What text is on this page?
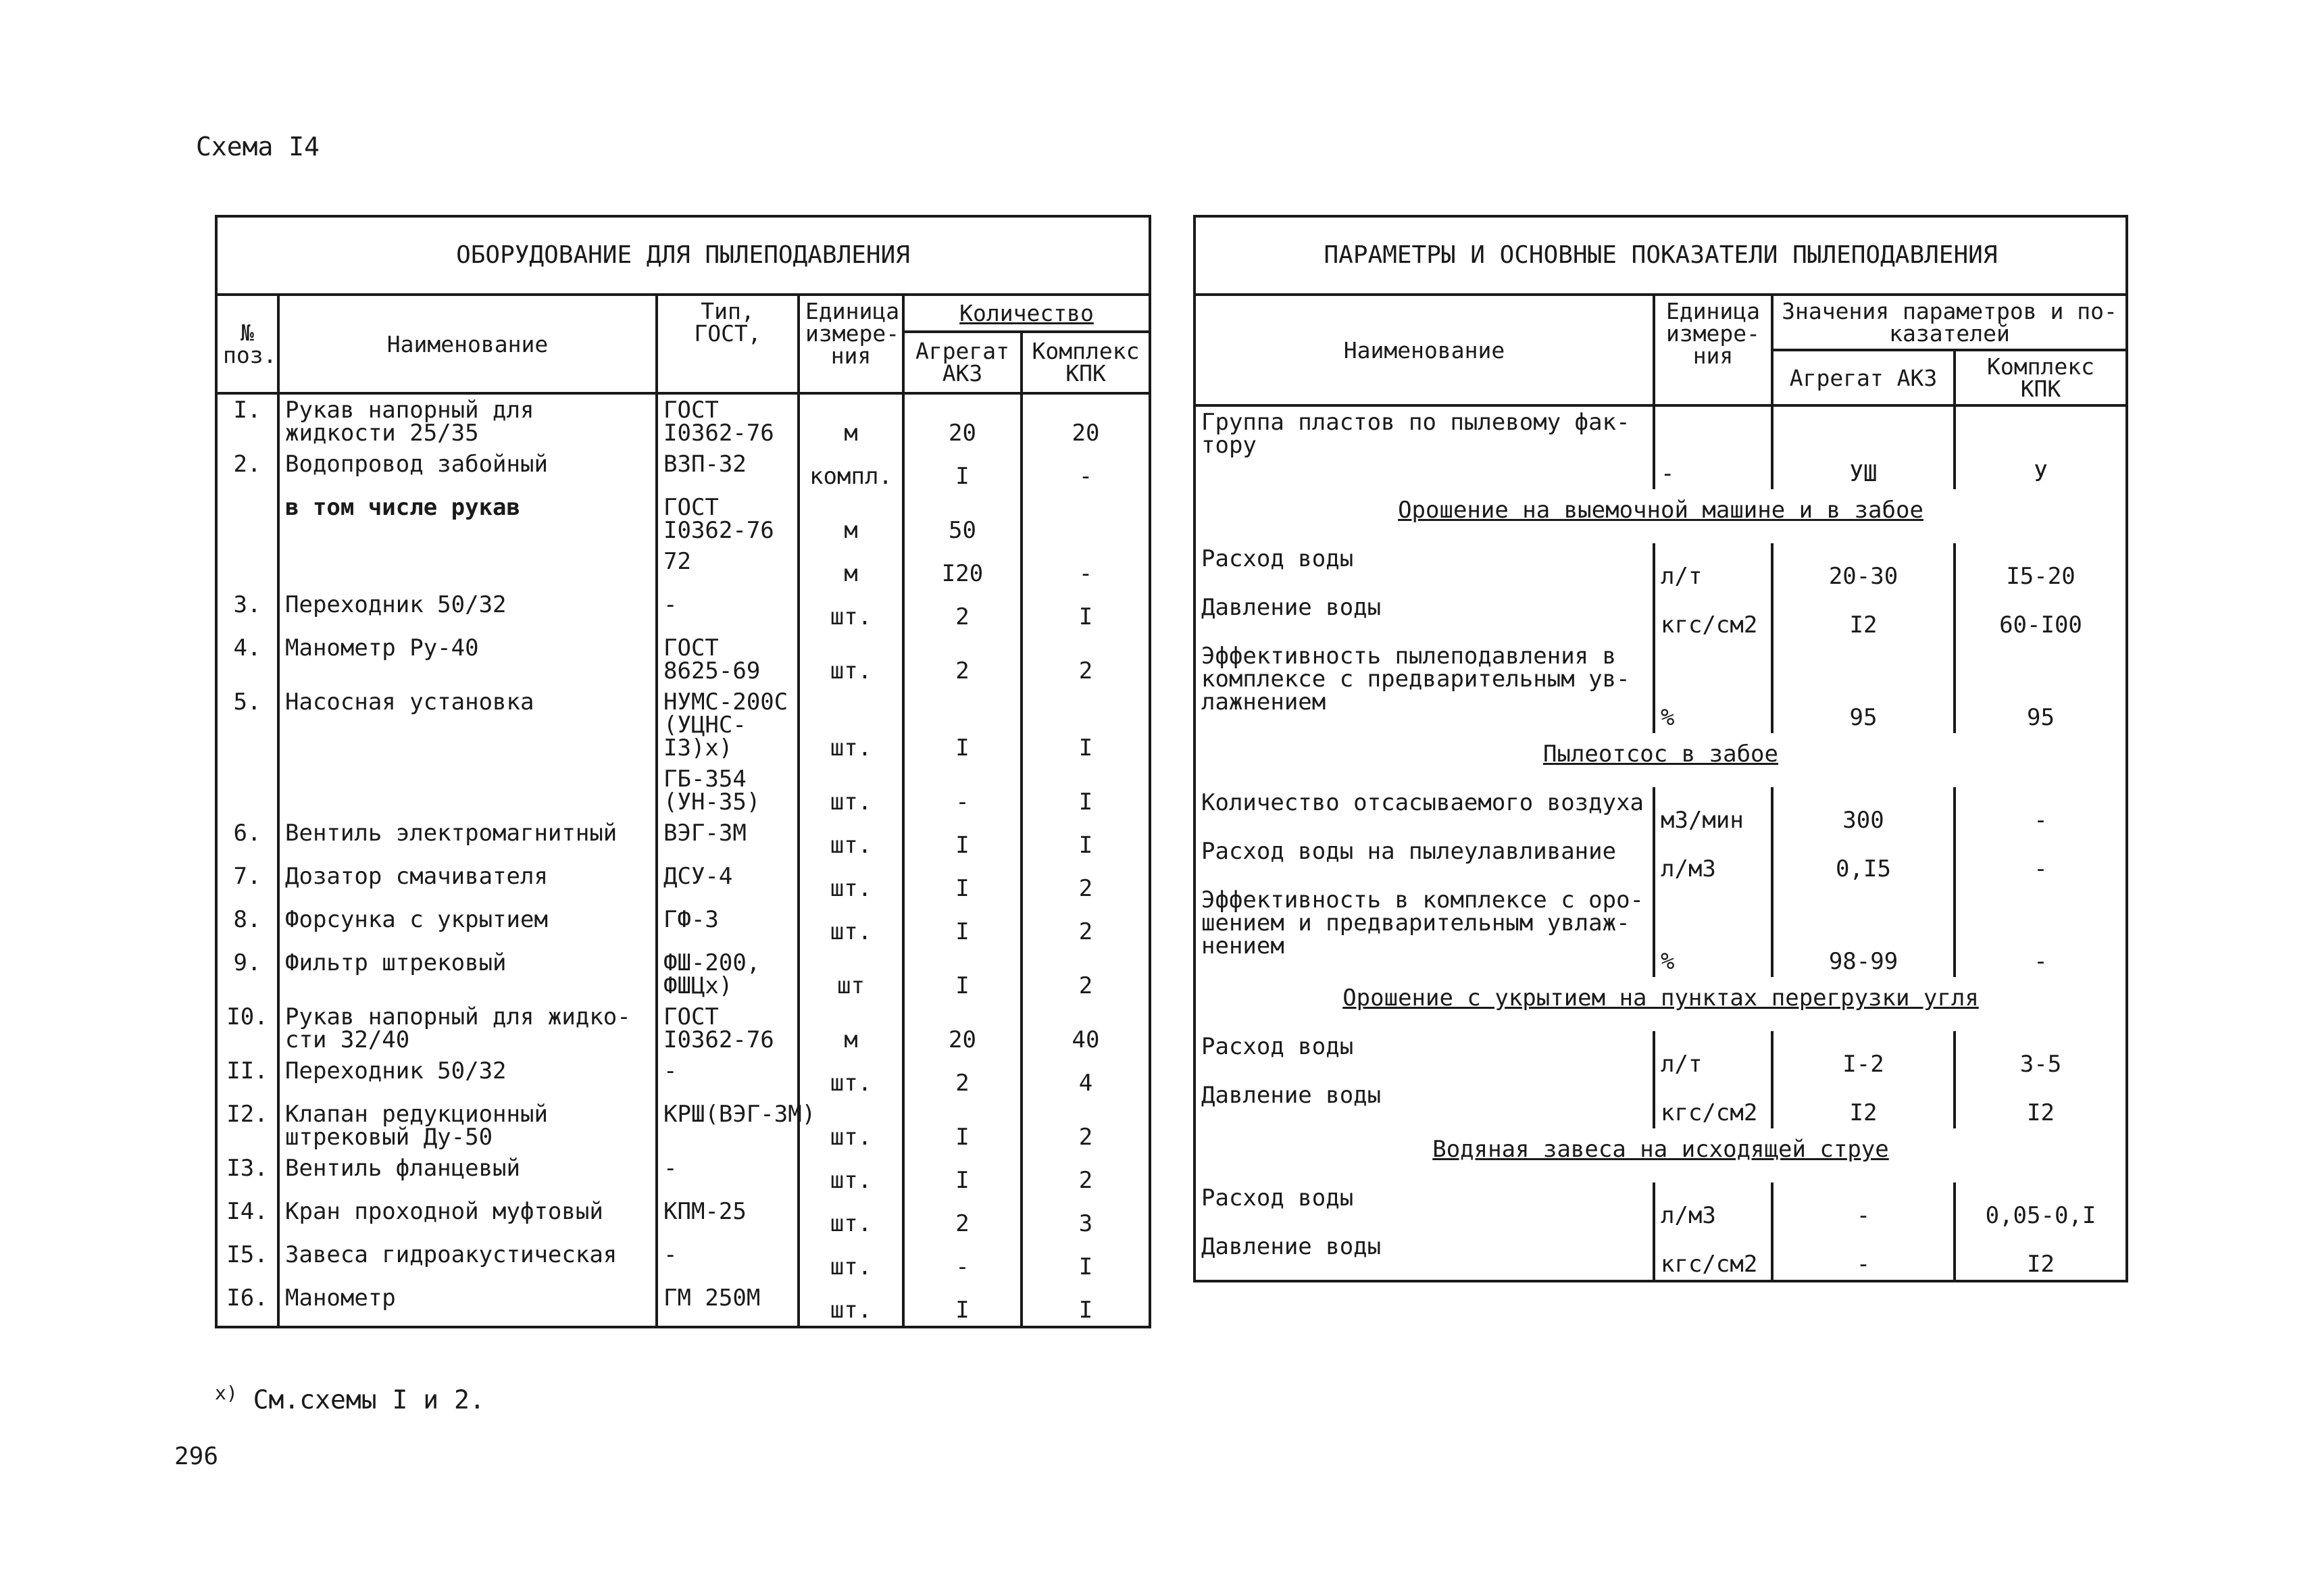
Схема I4
ОБОРУДОВАНИЕ ДЛЯ ПЫЛЕПОДАВЛЕНИЯ					
№ поз.	Наименование	Тип, ГОСТ,	Единица измере-ния	Количество	
				Агрегат АК3	Комплекс КПК
I.	Рукав напорный для жидкости 25/35	ГОСТ I0362-76	м	20	20
2.	Водопровод забойный	ВЗП-32	компл.	I	-
	в том числе рукав	ГОСТ I0362-76	м	50	
		72	м	I20	-
3.	Переходник 50/32	-	шт.	2	I
4.	Манометр Ру-40	ГОСТ 8625-69	шт.	2	2
5.	Насосная установка	НУМС-200С (УЦНС-I3)x)	шт.	I	I
		ГБ-354 (УН-35)	шт.	-	I
6.	Вентиль электромагнитный	ВЭГ-3М	шт.	I	I
7.	Дозатор смачивателя	ДСУ-4	шт.	I	2
8.	Форсунка с укрытием	ГФ-3	шт.	I	2
9.	Фильтр штрековый	ФШ-200, ФШЦx)	шт	I	2
I0.	Рукав напорный для жидко-сти 32/40	ГОСТ I0362-76	м	20	40
II.	Переходник 50/32	-	шт.	2	4
I2.	Клапан редукционный штрековый Ду-50	КРШ(ВЭГ-3М)	шт.	I	2
I3.	Вентиль фланцевый	-	шт.	I	2
I4.	Кран проходной муфтовый	КПМ-25	шт.	2	3
I5.	Завеса гидроакустическая	-	шт.	-	I
I6.	Манометр	ГМ 250М	шт.	I	I
ПАРАМЕТРЫ И ОСНОВНЫЕ ПОКАЗАТЕЛИ ПЫЛЕПОДАВЛЕНИЯ			
Наименование	Единица измере-ния	Значения параметров и по-казателей	
		Агрегат АК3	Комплекс КПК
Группа пластов по пылевому фак-тору	-	УШ	У
Орошение на выемочной машине и в забое			
Расход воды	л/т	20-30	I5-20
Давление воды	кгс/см2	I2	60-I00
Эффективность пылеподавления в комплексе с предварительным ув-лажнением	%	95	95
Пылеотсос в забое			
Количество отсасываемого воздуха	м3/мин	300	-
Расход воды на пылеулавливание	л/м3	0,I5	-
Эффективность в комплексе с оро-шением и предварительным увлаж-нением	%	98-99	-
Орошение с укрытием на пунктах перегрузки угля			
Расход воды	л/т	I-2	3-5
Давление воды	кгс/см2	I2	I2
Водяная завеса на исходящей струе			
Расход воды	л/м3	-	0,05-0,I
Давление воды	кгс/см2	-	I2
$^{x)}$ См.схемы I и 2.
296
